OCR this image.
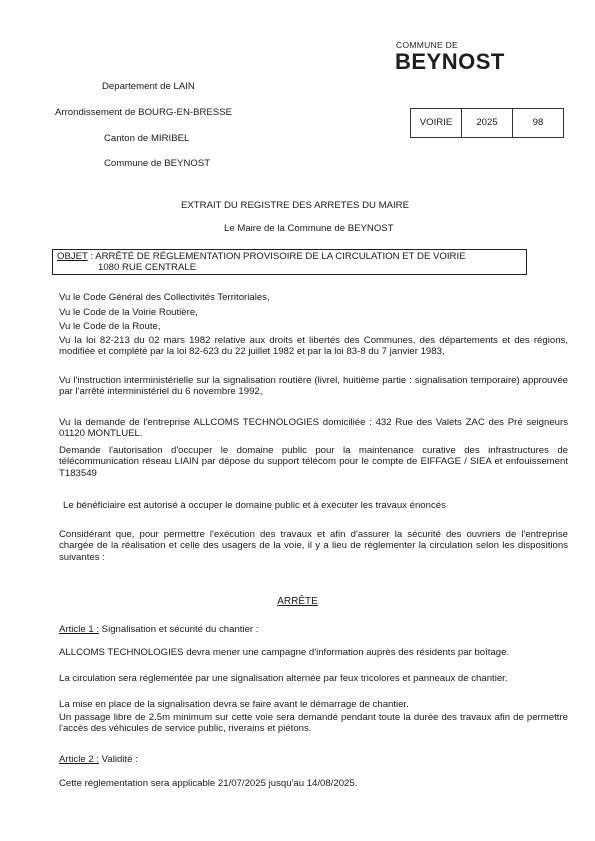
COMMUNE DE
BEYNOST
Departement de LAIN
Arrondissement de BOURG-EN-BRESSE
Canton de MIRIBEL
Commune de BEYNOST
VOIRIE	2025	98
EXTRAIT DU REGISTRE DES ARRETES DU MAIRE
Le Maire de la Commune de BEYNOST
OBJET : ARRÊTÉ DE RÉGLEMENTATION PROVISOIRE DE LA CIRCULATION ET DE VOIRIE
1080 RUE CENTRALE
Vu le Code Général des Collectivités Territoriales,
Vu le Code de la Voirie Routière,
Vu le Code de la Route,
Vu la loi 82-213 du 02 mars 1982 relative aux droits et libertés des Communes, des départements et des régions, modifiée et complété par la loi 82-623 du 22 juillet 1982 et par la loi 83-8 du 7 janvier 1983,
Vu l'instruction interministérielle sur la signalisation routière (livrel, huitième partie : signalisation temporaire) approuvée par l'arrêté interministériel du 6 novembre 1992,
Vu la demande de l'entreprise ALLCOMS TECHNOLOGIES domiciliée : 432 Rue des Valets ZAC des Pré seigneurs 01120 MONTLUEL.
Demande l'autorisation d'occuper le domaine public pour la maintenance curative des infrastructures de télécommunication réseau LIAIN par dépose du support télécom pour le compte de EIFFAGE / SIEA et enfouissement T183549
Le bénéficiaire est autorisé à occuper le domaine public et à exécuter les travaux énoncés
Considérant que, pour permettre l'exécution des travaux et afin d'assurer la sécurité des ouvriers de l'entreprise chargée de la réalisation et celle des usagers de la voie, il y a lieu de réglementer la circulation selon les dispositions suivantes :
ARRÊTE
Article 1 : Signalisation et sécurité du chantier :
ALLCOMS TECHNOLOGIES devra mener une campagne d'information auprès des résidents par boîtage.
La circulation sera réglementée par une signalisation alternée par feux tricolores et panneaux de chantier.
La mise en place de la signalisation devra se faire avant le démarrage de chantier.
Un passage libre de 2.5m minimum sur cette voie sera demandé pendant toute la durée des travaux afin de permettre l'accès des véhicules de service public, riverains et piétons.
Article 2 : Validité :
Cette réglementation sera applicable 21/07/2025 jusqu'au 14/08/2025.
